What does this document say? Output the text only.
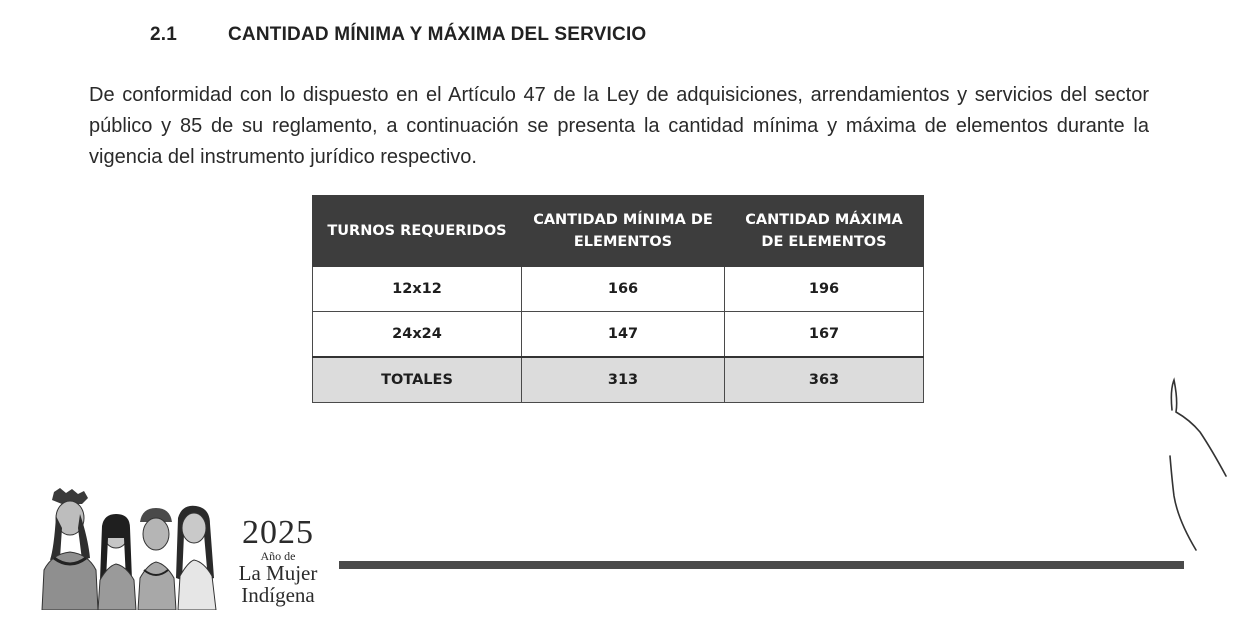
2.1	CANTIDAD MÍNIMA Y MÁXIMA DEL SERVICIO
De conformidad con lo dispuesto en el Artículo 47 de la Ley de adquisiciones, arrendamientos y servicios del sector público y 85 de su reglamento, a continuación se presenta la cantidad mínima y máxima de elementos durante la vigencia del instrumento jurídico respectivo.
TURNOS REQUERIDOS	CANTIDAD MÍNIMA DE ELEMENTOS	CANTIDAD MÁXIMA DE ELEMENTOS
12x12	166	196
24x24	147	167
TOTALES	313	363
2025
Año de
La Mujer
Indígena
